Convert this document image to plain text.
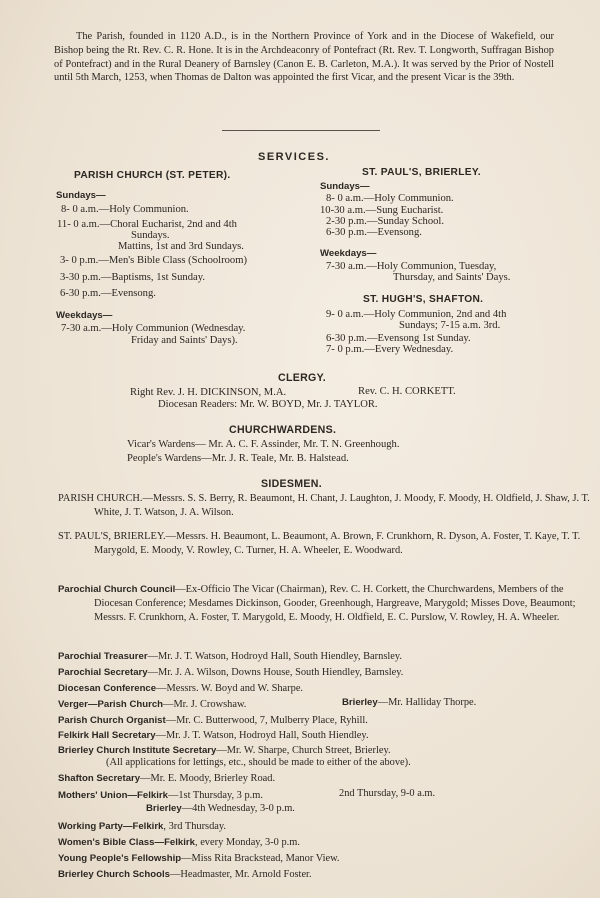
The Parish, founded in 1120 A.D., is in the Northern Province of York and in the Diocese of Wakefield, our Bishop being the Rt. Rev. C. R. Hone. It is in the Archdeaconry of Pontefract (Rt. Rev. T. Longworth, Suffragan Bishop of Pontefract) and in the Rural Deanery of Barnsley (Canon E. B. Carleton, M.A.). It was served by the Prior of Nostell until 5th March, 1253, when Thomas de Dalton was appointed the first Vicar, and the present Vicar is the 39th.
SERVICES.
PARISH CHURCH (ST. PETER).
Sundays—
8- 0 a.m.—Holy Communion.
11- 0 a.m.—Choral Eucharist, 2nd and 4th
Sundays.
Mattins, 1st and 3rd Sundays.
3- 0 p.m.—Men's Bible Class (Schoolroom)
3-30 p.m.—Baptisms, 1st Sunday.
6-30 p.m.—Evensong.
Weekdays—
7-30 a.m.—Holy Communion (Wednesday.
Friday and Saints' Days).
ST. PAUL'S, BRIERLEY.
Sundays—
8- 0 a.m.—Holy Communion.
10-30 a.m.—Sung Eucharist.
2-30 p.m.—Sunday School.
6-30 p.m.—Evensong.
Weekdays—
7-30 a.m.—Holy Communion, Tuesday,
Thursday, and Saints' Days.
ST. HUGH'S, SHAFTON.
9- 0 a.m.—Holy Communion, 2nd and 4th
Sundays; 7-15 a.m. 3rd.
6-30 p.m.—Evensong 1st Sunday.
7- 0 p.m.—Every Wednesday.
CLERGY.
Right Rev. J. H. DICKINSON, M.A.	Rev. C. H. CORKETT.
Diocesan Readers: Mr. W. BOYD, Mr. J. TAYLOR.
CHURCHWARDENS.
Vicar's Wardens— Mr. A. C. F. Assinder, Mr. T. N. Greenhough.
People's Wardens—Mr. J. R. Teale, Mr. B. Halstead.
SIDESMEN.
PARISH CHURCH.—Messrs. S. S. Berry, R. Beaumont, H. Chant, J. Laughton, J. Moody, F. Moody, H. Oldfield, J. Shaw, J. T. White, J. T. Watson, J. A. Wilson.
ST. PAUL'S, BRIERLEY.—Messrs. H. Beaumont, L. Beaumont, A. Brown, F. Crunkhorn, R. Dyson, A. Foster, T. Kaye, T. T. Marygold, E. Moody, V. Rowley, C. Turner, H. A. Wheeler, E. Woodward.
Parochial Church Council—Ex-Officio The Vicar (Chairman), Rev. C. H. Corkett, the Churchwardens, Members of the Diocesan Conference; Mesdames Dickinson, Gooder, Greenhough, Hargreave, Marygold; Misses Dove, Beaumont; Messrs. F. Crunkhorn, A. Foster, T. Marygold, E. Moody, H. Oldfield, E. C. Purslow, V. Rowley, H. A. Wheeler.
Parochial Treasurer—Mr. J. T. Watson, Hodroyd Hall, South Hiendley, Barnsley.
Parochial Secretary—Mr. J. A. Wilson, Downs House, South Hiendley, Barnsley.
Diocesan Conference—Messrs. W. Boyd and W. Sharpe.
Verger—Parish Church—Mr. J. Crowshaw.	Brierley—Mr. Halliday Thorpe.
Parish Church Organist—Mr. C. Butterwood, 7, Mulberry Place, Ryhill.
Felkirk Hall Secretary—Mr. J. T. Watson, Hodroyd Hall, South Hiendley.
Brierley Church Institute Secretary—Mr. W. Sharpe, Church Street, Brierley.
(All applications for lettings, etc., should be made to either of the above).
Shafton Secretary—Mr. E. Moody, Brierley Road.
Mothers' Union—Felkirk—1st Thursday, 3 p.m.	2nd Thursday, 9-0 a.m.
Brierley—4th Wednesday, 3-0 p.m.
Working Party—Felkirk, 3rd Thursday.
Women's Bible Class—Felkirk, every Monday, 3-0 p.m.
Young People's Fellowship—Miss Rita Brackstead, Manor View.
Brierley Church Schools—Headmaster, Mr. Arnold Foster.
